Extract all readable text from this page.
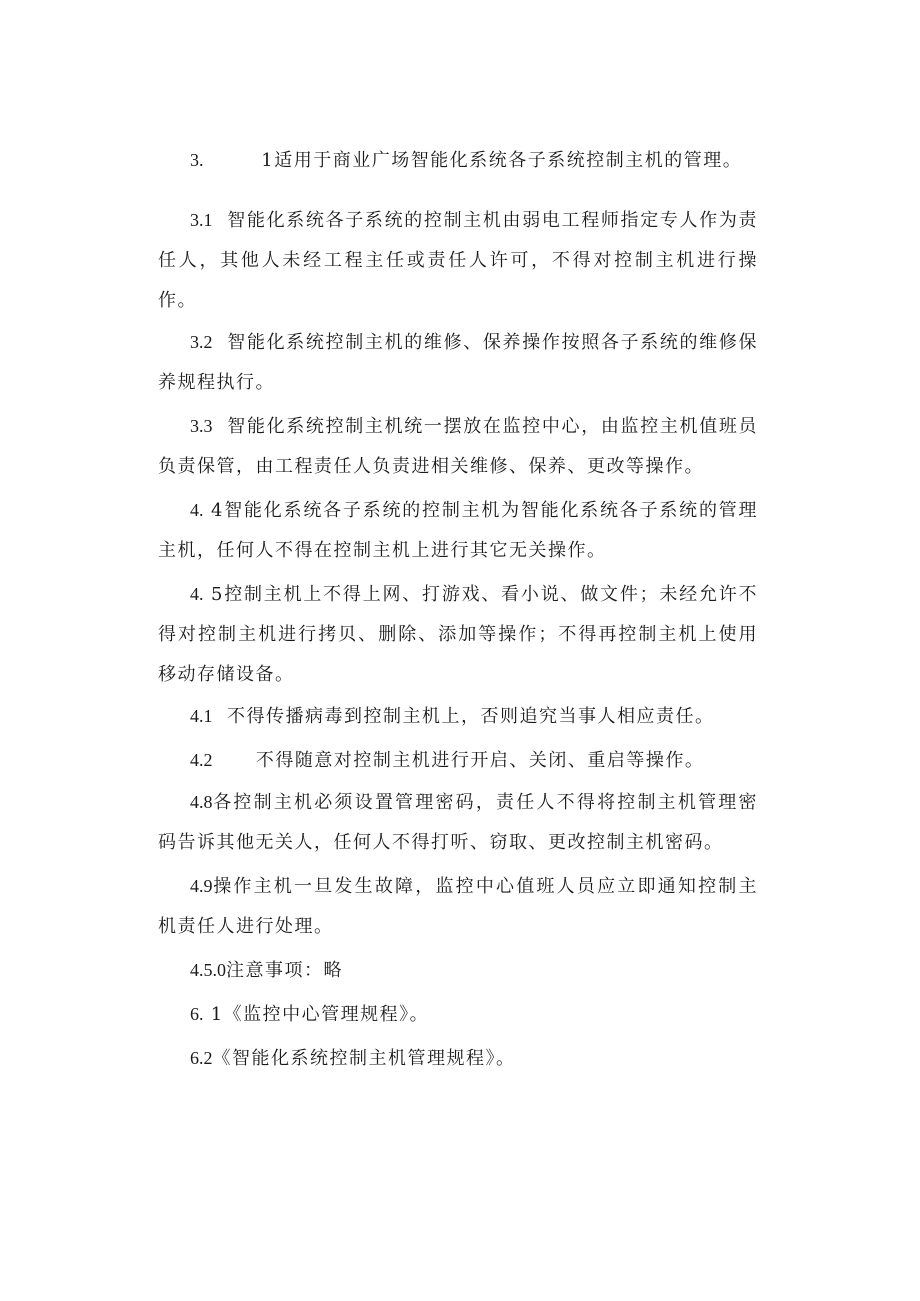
3.	1适用于商业广场智能化系统各子系统控制主机的管理。

3.1 智能化系统各子系统的控制主机由弱电工程师指定专人作为责任人，其他人未经工程主任或责任人许可，不得对控制主机进行操作。

3.2 智能化系统控制主机的维修、保养操作按照各子系统的维修保养规程执行。

3.3 智能化系统控制主机统一摆放在监控中心，由监控主机值班员负责保管，由工程责任人负责进相关维修、保养、更改等操作。

4. 4智能化系统各子系统的控制主机为智能化系统各子系统的管理主机，任何人不得在控制主机上进行其它无关操作。

4. 5控制主机上不得上网、打游戏、看小说、做文件；未经允许不得对控制主机进行拷贝、删除、添加等操作；不得再控制主机上使用移动存储设备。

4.1 不得传播病毒到控制主机上，否则追究当事人相应责任。

4.2 不得随意对控制主机进行开启、关闭、重启等操作。

4.8各控制主机必须设置管理密码，责任人不得将控制主机管理密码告诉其他无关人，任何人不得打听、窃取、更改控制主机密码。

4.9操作主机一旦发生故障，监控中心值班人员应立即通知控制主机责任人进行处理。

4.5.0注意事项：略

6. 1《监控中心管理规程》。

6.2《智能化系统控制主机管理规程》。
